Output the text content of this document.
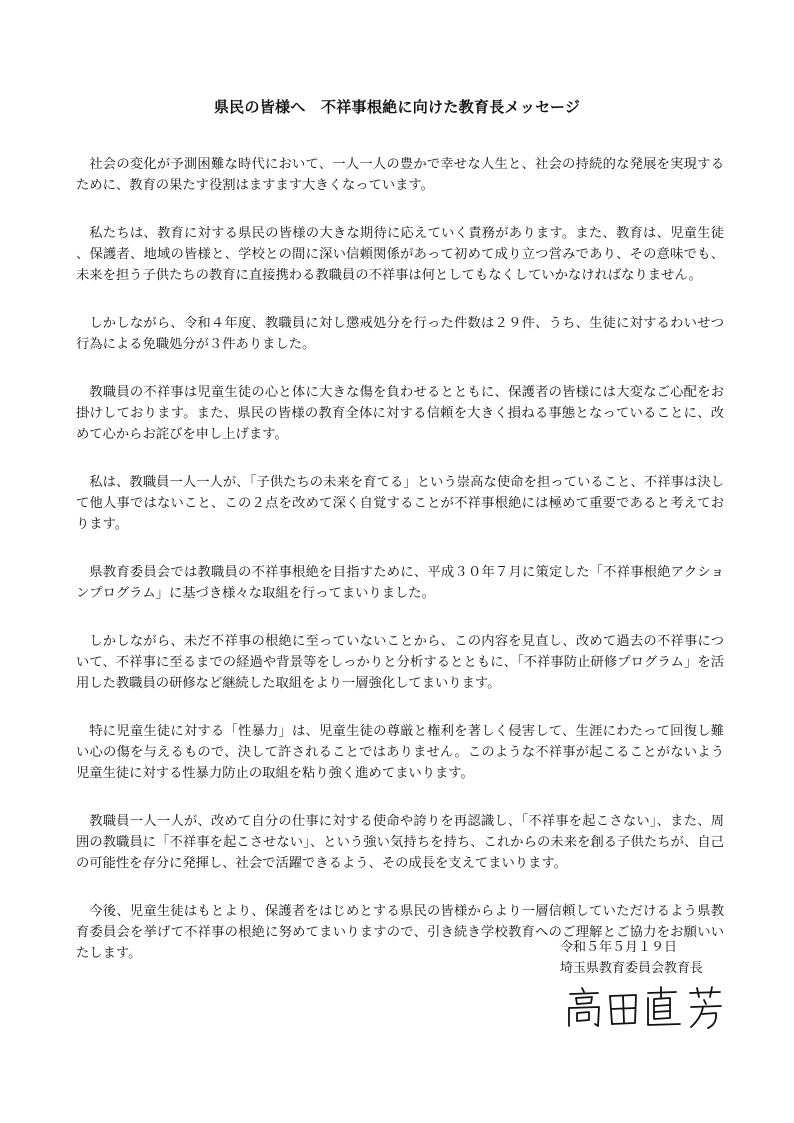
県民の皆様へ　不祥事根絶に向けた教育長メッセージ

社会の変化が予測困難な時代において、一人一人の豊かで幸せな人生と、社会の持続的な発展を実現するために、教育の果たす役割はますます大きくなっています。

私たちは、教育に対する県民の皆様の大きな期待に応えていく責務があります。また、教育は、児童生徒、保護者、地域の皆様と、学校との間に深い信頼関係があって初めて成り立つ営みであり、その意味でも、未来を担う子供たちの教育に直接携わる教職員の不祥事は何としてもなくしていかなければなりません。

しかしながら、令和４年度、教職員に対し懲戒処分を行った件数は２９件、うち、生徒に対するわいせつ行為による免職処分が３件ありました。

教職員の不祥事は児童生徒の心と体に大きな傷を負わせるとともに、保護者の皆様には大変なご心配をお掛けしております。また、県民の皆様の教育全体に対する信頼を大きく損ねる事態となっていることに、改めて心からお詫びを申し上げます。

私は、教職員一人一人が、「子供たちの未来を育てる」という崇高な使命を担っていること、不祥事は決して他人事ではないこと、この２点を改めて深く自覚することが不祥事根絶には極めて重要であると考えております。

県教育委員会では教職員の不祥事根絶を目指すために、平成３０年７月に策定した「不祥事根絶アクションプログラム」に基づき様々な取組を行ってまいりました。

しかしながら、未だ不祥事の根絶に至っていないことから、この内容を見直し、改めて過去の不祥事について、不祥事に至るまでの経過や背景等をしっかりと分析するとともに、「不祥事防止研修プログラム」を活用した教職員の研修など継続した取組をより一層強化してまいります。

特に児童生徒に対する「性暴力」は、児童生徒の尊厳と権利を著しく侵害して、生涯にわたって回復し難い心の傷を与えるもので、決して許されることではありません。このような不祥事が起こることがないよう児童生徒に対する性暴力防止の取組を粘り強く進めてまいります。

教職員一人一人が、改めて自分の仕事に対する使命や誇りを再認識し、「不祥事を起こさない」、また、周囲の教職員に「不祥事を起こさせない」、という強い気持ちを持ち、これからの未来を創る子供たちが、自己の可能性を存分に発揮し、社会で活躍できるよう、その成長を支えてまいります。

今後、児童生徒はもとより、保護者をはじめとする県民の皆様からより一層信頼していただけるよう県教育委員会を挙げて不祥事の根絶に努めてまいりますので、引き続き学校教育へのご理解とご協力をお願いいたします。	令和５年５月１９日
埼玉県教育委員会教育長
